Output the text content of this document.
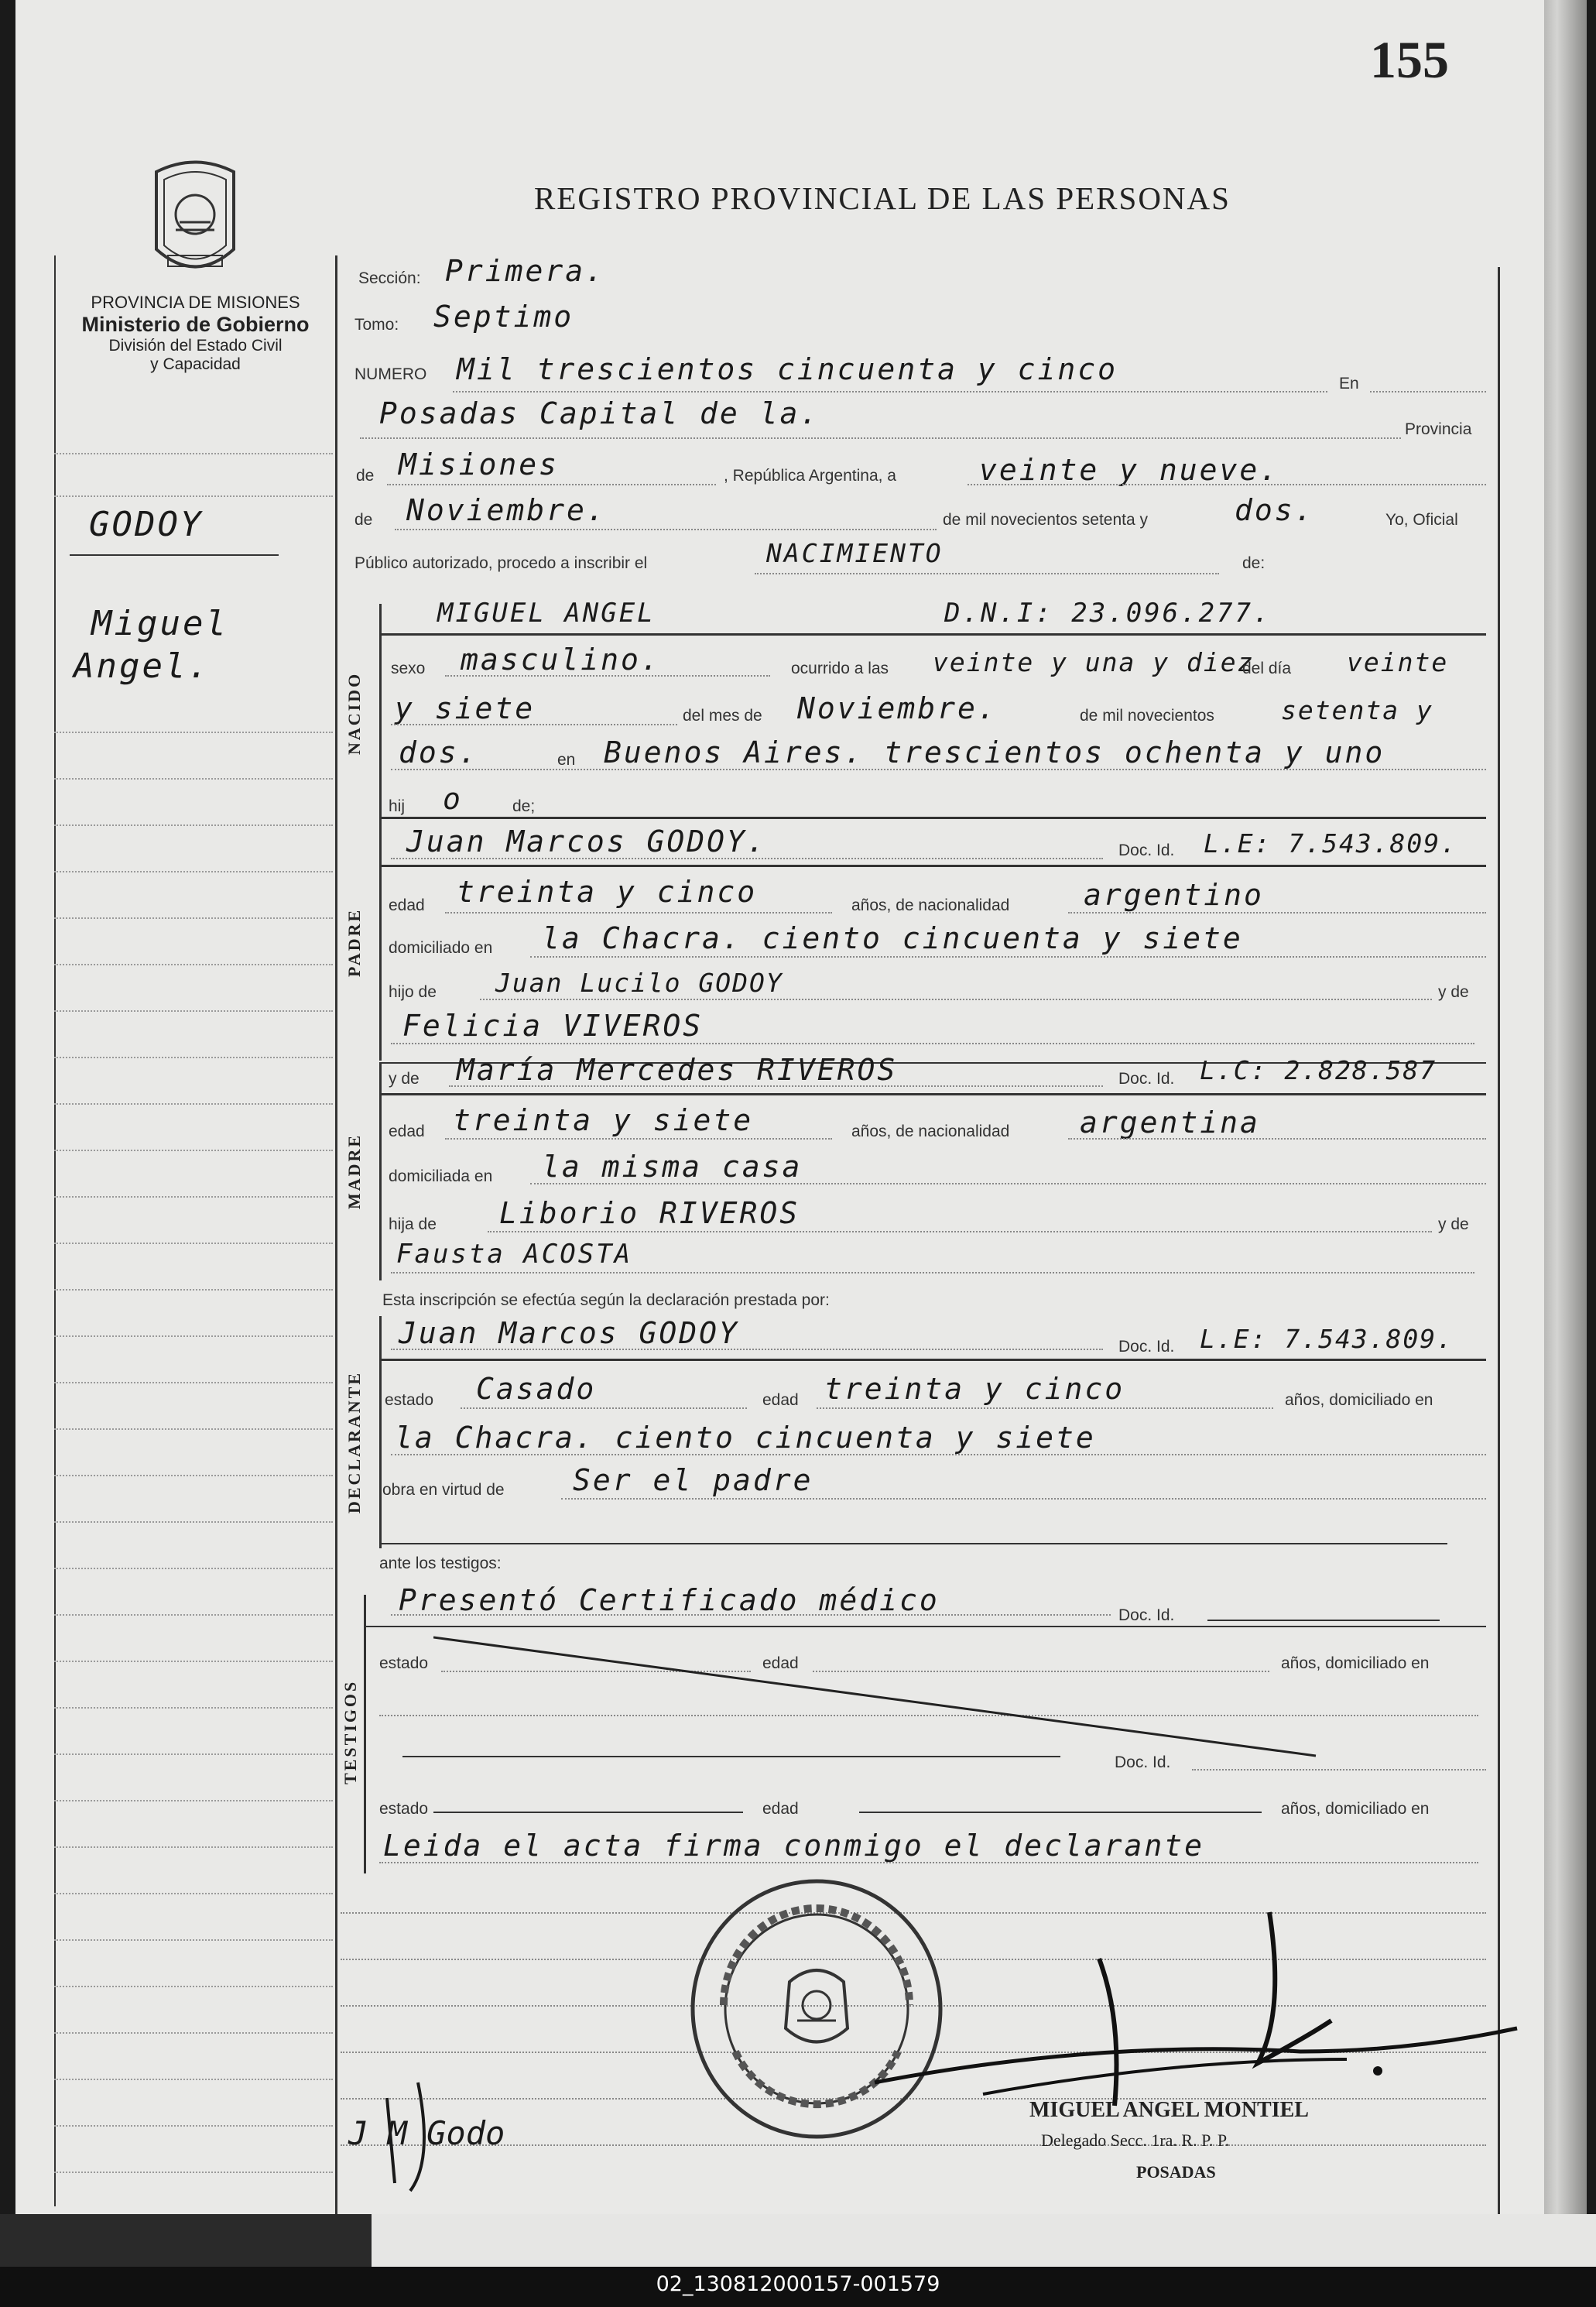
155
REGISTRO PROVINCIAL DE LAS PERSONAS
PROVINCIA DE MISIONES
Ministerio de Gobierno
División del Estado Civil
y Capacidad
GODOY
Miguel
Angel.
Sección: Primera.
Tomo: Septimo
NUMERO Mil trescientos cincuenta y cinco	En
Posadas Capital de la.	Provincia
de Misiones	, República Argentina, a	veinte y nueve.
de Noviembre.	de mil novecientos setenta y	dos.	Yo, Oficial
Público autorizado, procedo a inscribir el	NACIMIENTO	de:
NACIDO
MIGUEL ANGEL	D.N.I: 23.096.277.
sexo masculino.	ocurrido a las veinte y una y diez
del día veinte
y siete	del mes de Noviembre.	de mil novecientos	setenta y
dos.	en Buenos Aires. trescientos ochenta y uno
hij o	de;
PADRE
Juan Marcos GODOY.	Doc. Id. L.E: 7.543.809.
edad treinta y cinco	años, de nacionalidad	argentino
domiciliado en la Chacra. ciento cincuenta y siete
hijo de Juan Lucilo GODOY	y de
Felicia VIVEROS
MADRE
y de María Mercedes RIVEROS	Doc. Id. L.C: 2.828.587
edad treinta y siete	años, de nacionalidad argentina
domiciliada en la misma casa
hija de Liborio RIVEROS	y de
Fausta ACOSTA
Esta inscripción se efectúa según la declaración prestada por:
DECLARANTE
Juan Marcos GODOY	Doc. Id. L.E: 7.543.809.
estado Casado	edad treinta y cinco	años, domiciliado en
la Chacra. ciento cincuenta y siete
obra en virtud de Ser el padre
ante los testigos:
TESTIGOS
Presentó Certificado médico	Doc. Id.
estado	edad	años, domiciliado en
Doc. Id.
estado	edad	años, domiciliado en
Leida el acta firma conmigo el declarante
J M Godo
MIGUEL ANGEL MONTIEL
Delegado Secc. 1ra. R. P. P.
POSADAS
02_130812000157-001579
